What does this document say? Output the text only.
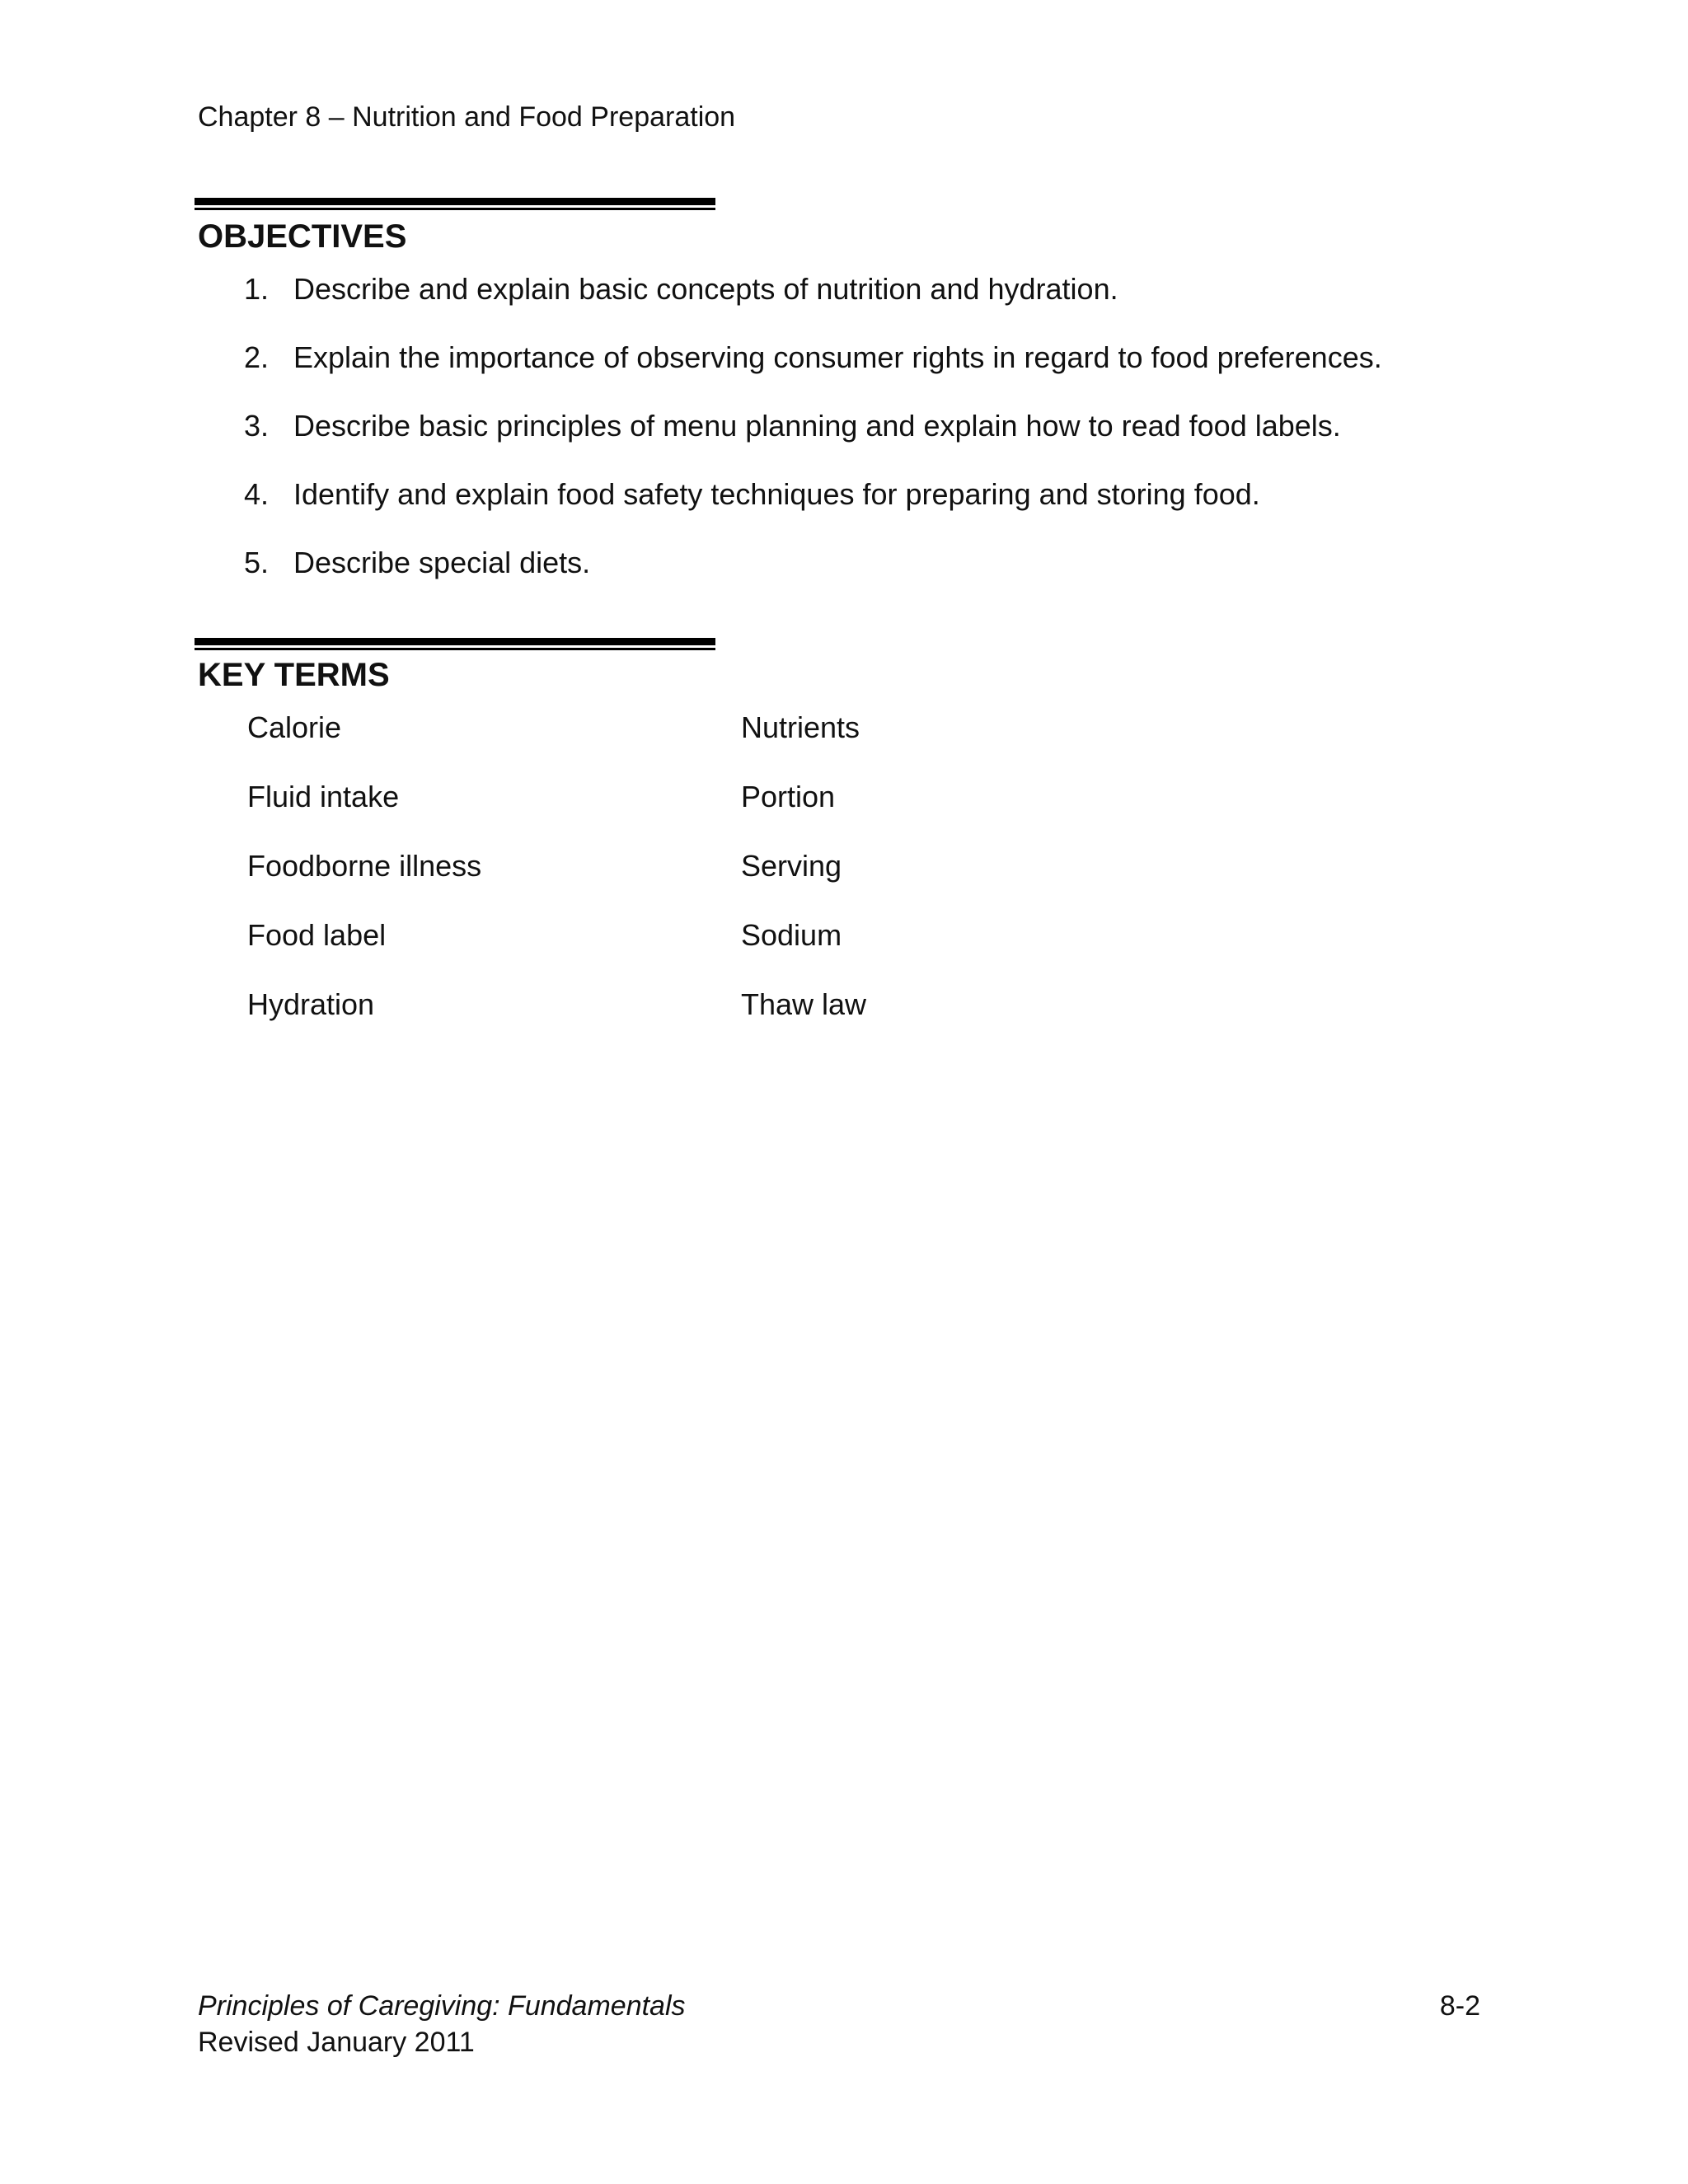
Chapter 8 – Nutrition and Food Preparation
OBJECTIVES
1. Describe and explain basic concepts of nutrition and hydration.
2. Explain the importance of observing consumer rights in regard to food preferences.
3. Describe basic principles of menu planning and explain how to read food labels.
4. Identify and explain food safety techniques for preparing and storing food.
5. Describe special diets.
KEY TERMS
Calorie
Fluid intake
Foodborne illness
Food label
Hydration
Nutrients
Portion
Serving
Sodium
Thaw law
Principles of Caregiving: Fundamentals
Revised January 2011
8-2
